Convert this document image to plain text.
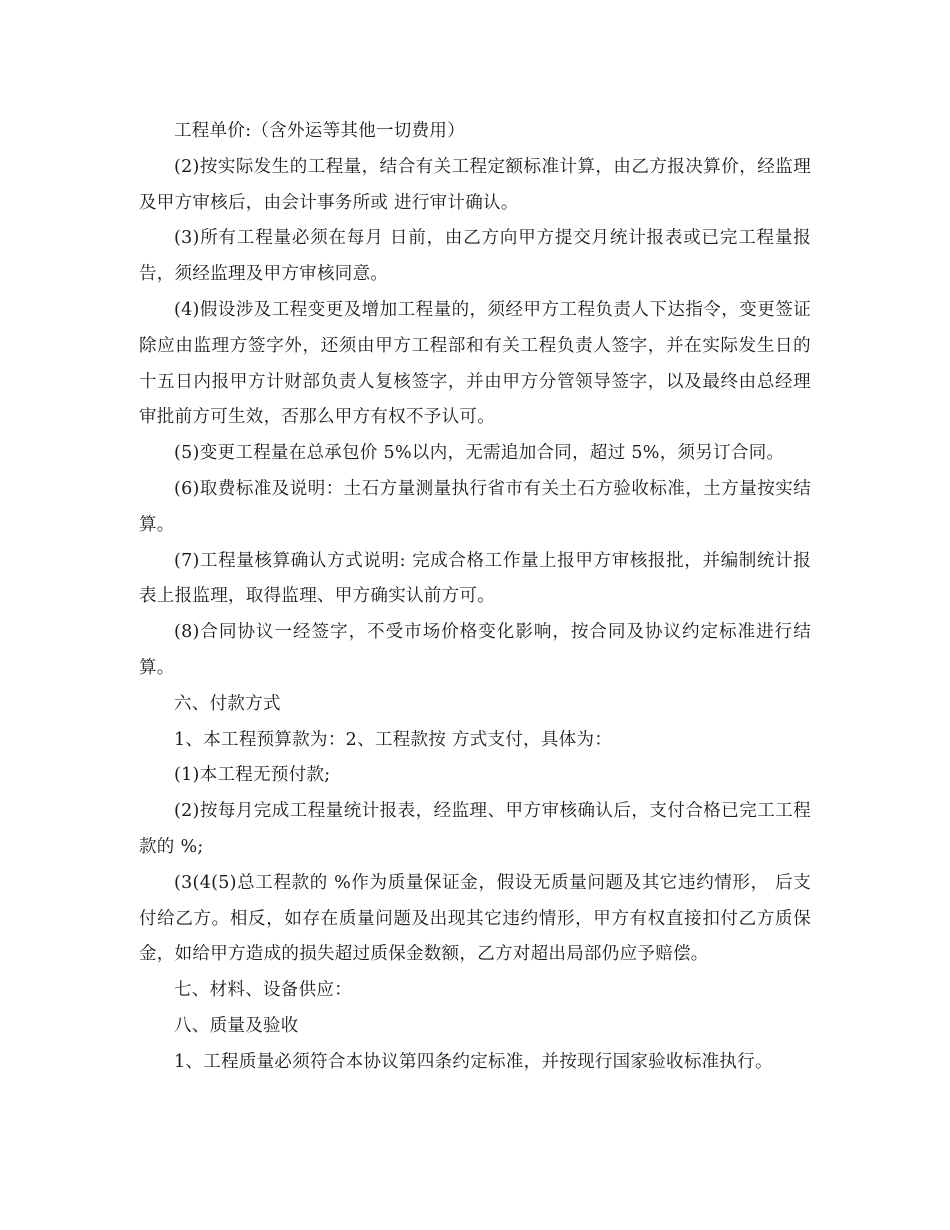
工程单价:（含外运等其他一切费用）

(2)按实际发生的工程量，结合有关工程定额标准计算，由乙方报决算价，经监理及甲方审核后，由会计事务所或 进行审计确认。

(3)所有工程量必须在每月 日前，由乙方向甲方提交月统计报表或已完工程量报告，须经监理及甲方审核同意。

(4)假设涉及工程变更及增加工程量的，须经甲方工程负责人下达指令，变更签证除应由监理方签字外，还须由甲方工程部和有关工程负责人签字，并在实际发生日的十五日内报甲方计财部负责人复核签字，并由甲方分管领导签字，以及最终由总经理审批前方可生效，否那么甲方有权不予认可。

(5)变更工程量在总承包价 5%以内，无需追加合同，超过 5%，须另订合同。

(6)取费标准及说明：土石方量测量执行省市有关土石方验收标准，土方量按实结算。

(7)工程量核算确认方式说明: 完成合格工作量上报甲方审核报批，并编制统计报表上报监理，取得监理、甲方确实认前方可。

(8)合同协议一经签字，不受市场价格变化影响，按合同及协议约定标准进行结算。

六、付款方式

1、本工程预算款为：2、工程款按 方式支付，具体为：

(1)本工程无预付款;

(2)按每月完成工程量统计报表，经监理、甲方审核确认后，支付合格已完工工程款的 %;

(3(4(5)总工程款的 %作为质量保证金，假设无质量问题及其它违约情形， 后支付给乙方。相反，如存在质量问题及出现其它违约情形，甲方有权直接扣付乙方质保金，如给甲方造成的损失超过质保金数额，乙方对超出局部仍应予赔偿。

七、材料、设备供应：

八、质量及验收

1、工程质量必须符合本协议第四条约定标准，并按现行国家验收标准执行。
